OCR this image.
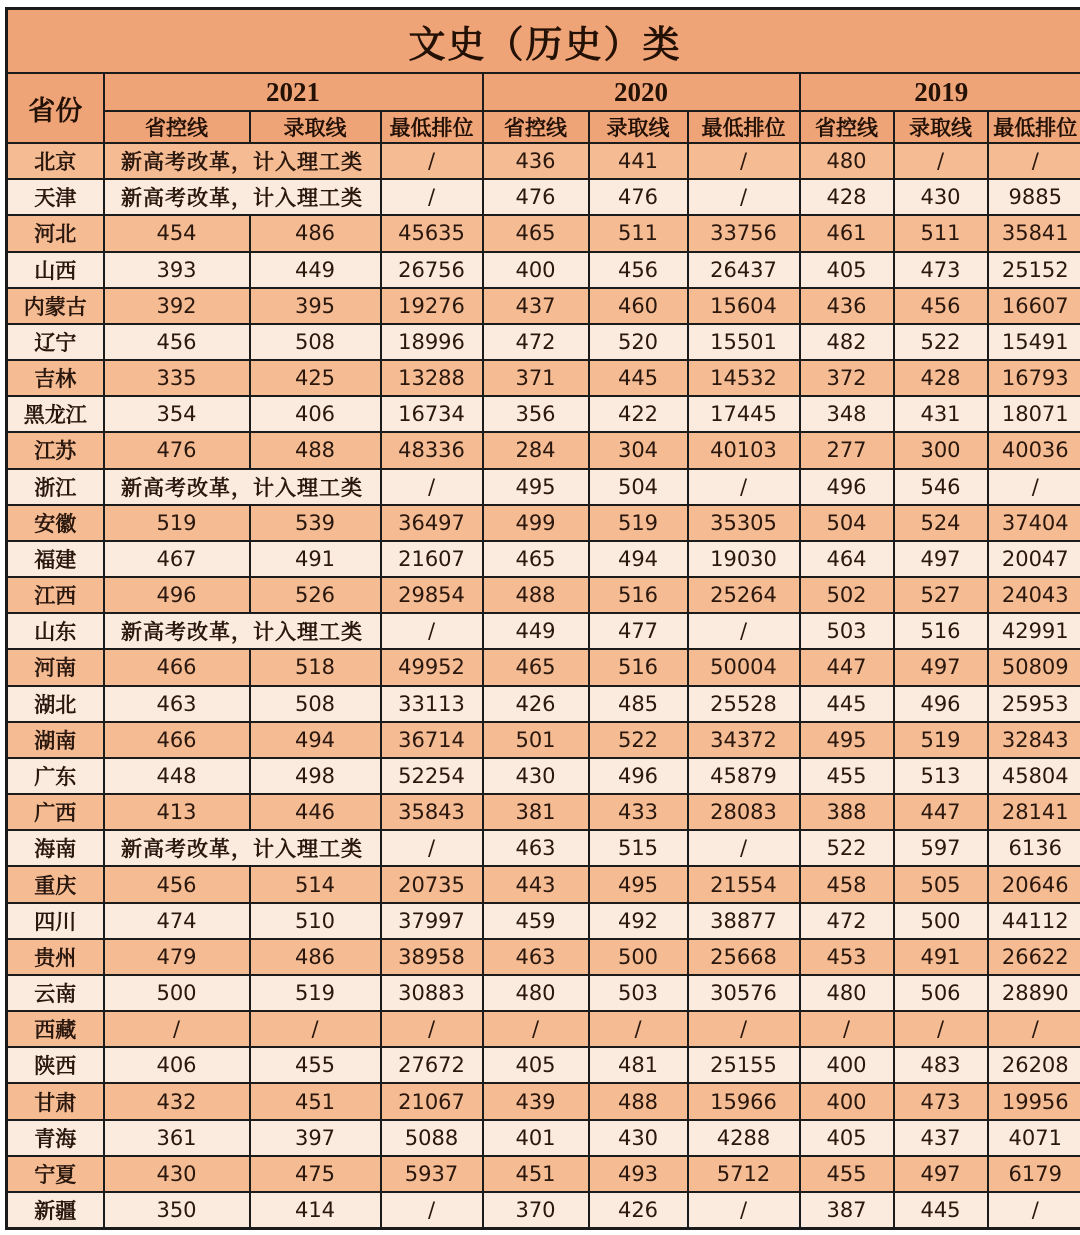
文史（历史）类									
省份	2021			2020			2019		
	省控线	录取线	最低排位	省控线	录取线	最低排位	省控线	录取线	最低排位
北京	新高考改革，计入理工类		/	436	441	/	480	/	/
天津	新高考改革，计入理工类		/	476	476	/	428	430	9885
河北	454	486	45635	465	511	33756	461	511	35841
山西	393	449	26756	400	456	26437	405	473	25152
内蒙古	392	395	19276	437	460	15604	436	456	16607
辽宁	456	508	18996	472	520	15501	482	522	15491
吉林	335	425	13288	371	445	14532	372	428	16793
黑龙江	354	406	16734	356	422	17445	348	431	18071
江苏	476	488	48336	284	304	40103	277	300	40036
浙江	新高考改革，计入理工类		/	495	504	/	496	546	/
安徽	519	539	36497	499	519	35305	504	524	37404
福建	467	491	21607	465	494	19030	464	497	20047
江西	496	526	29854	488	516	25264	502	527	24043
山东	新高考改革，计入理工类		/	449	477	/	503	516	42991
河南	466	518	49952	465	516	50004	447	497	50809
湖北	463	508	33113	426	485	25528	445	496	25953
湖南	466	494	36714	501	522	34372	495	519	32843
广东	448	498	52254	430	496	45879	455	513	45804
广西	413	446	35843	381	433	28083	388	447	28141
海南	新高考改革，计入理工类		/	463	515	/	522	597	6136
重庆	456	514	20735	443	495	21554	458	505	20646
四川	474	510	37997	459	492	38877	472	500	44112
贵州	479	486	38958	463	500	25668	453	491	26622
云南	500	519	30883	480	503	30576	480	506	28890
西藏	/	/	/	/	/	/	/	/	/
陕西	406	455	27672	405	481	25155	400	483	26208
甘肃	432	451	21067	439	488	15966	400	473	19956
青海	361	397	5088	401	430	4288	405	437	4071
宁夏	430	475	5937	451	493	5712	455	497	6179
新疆	350	414	/	370	426	/	387	445	/
